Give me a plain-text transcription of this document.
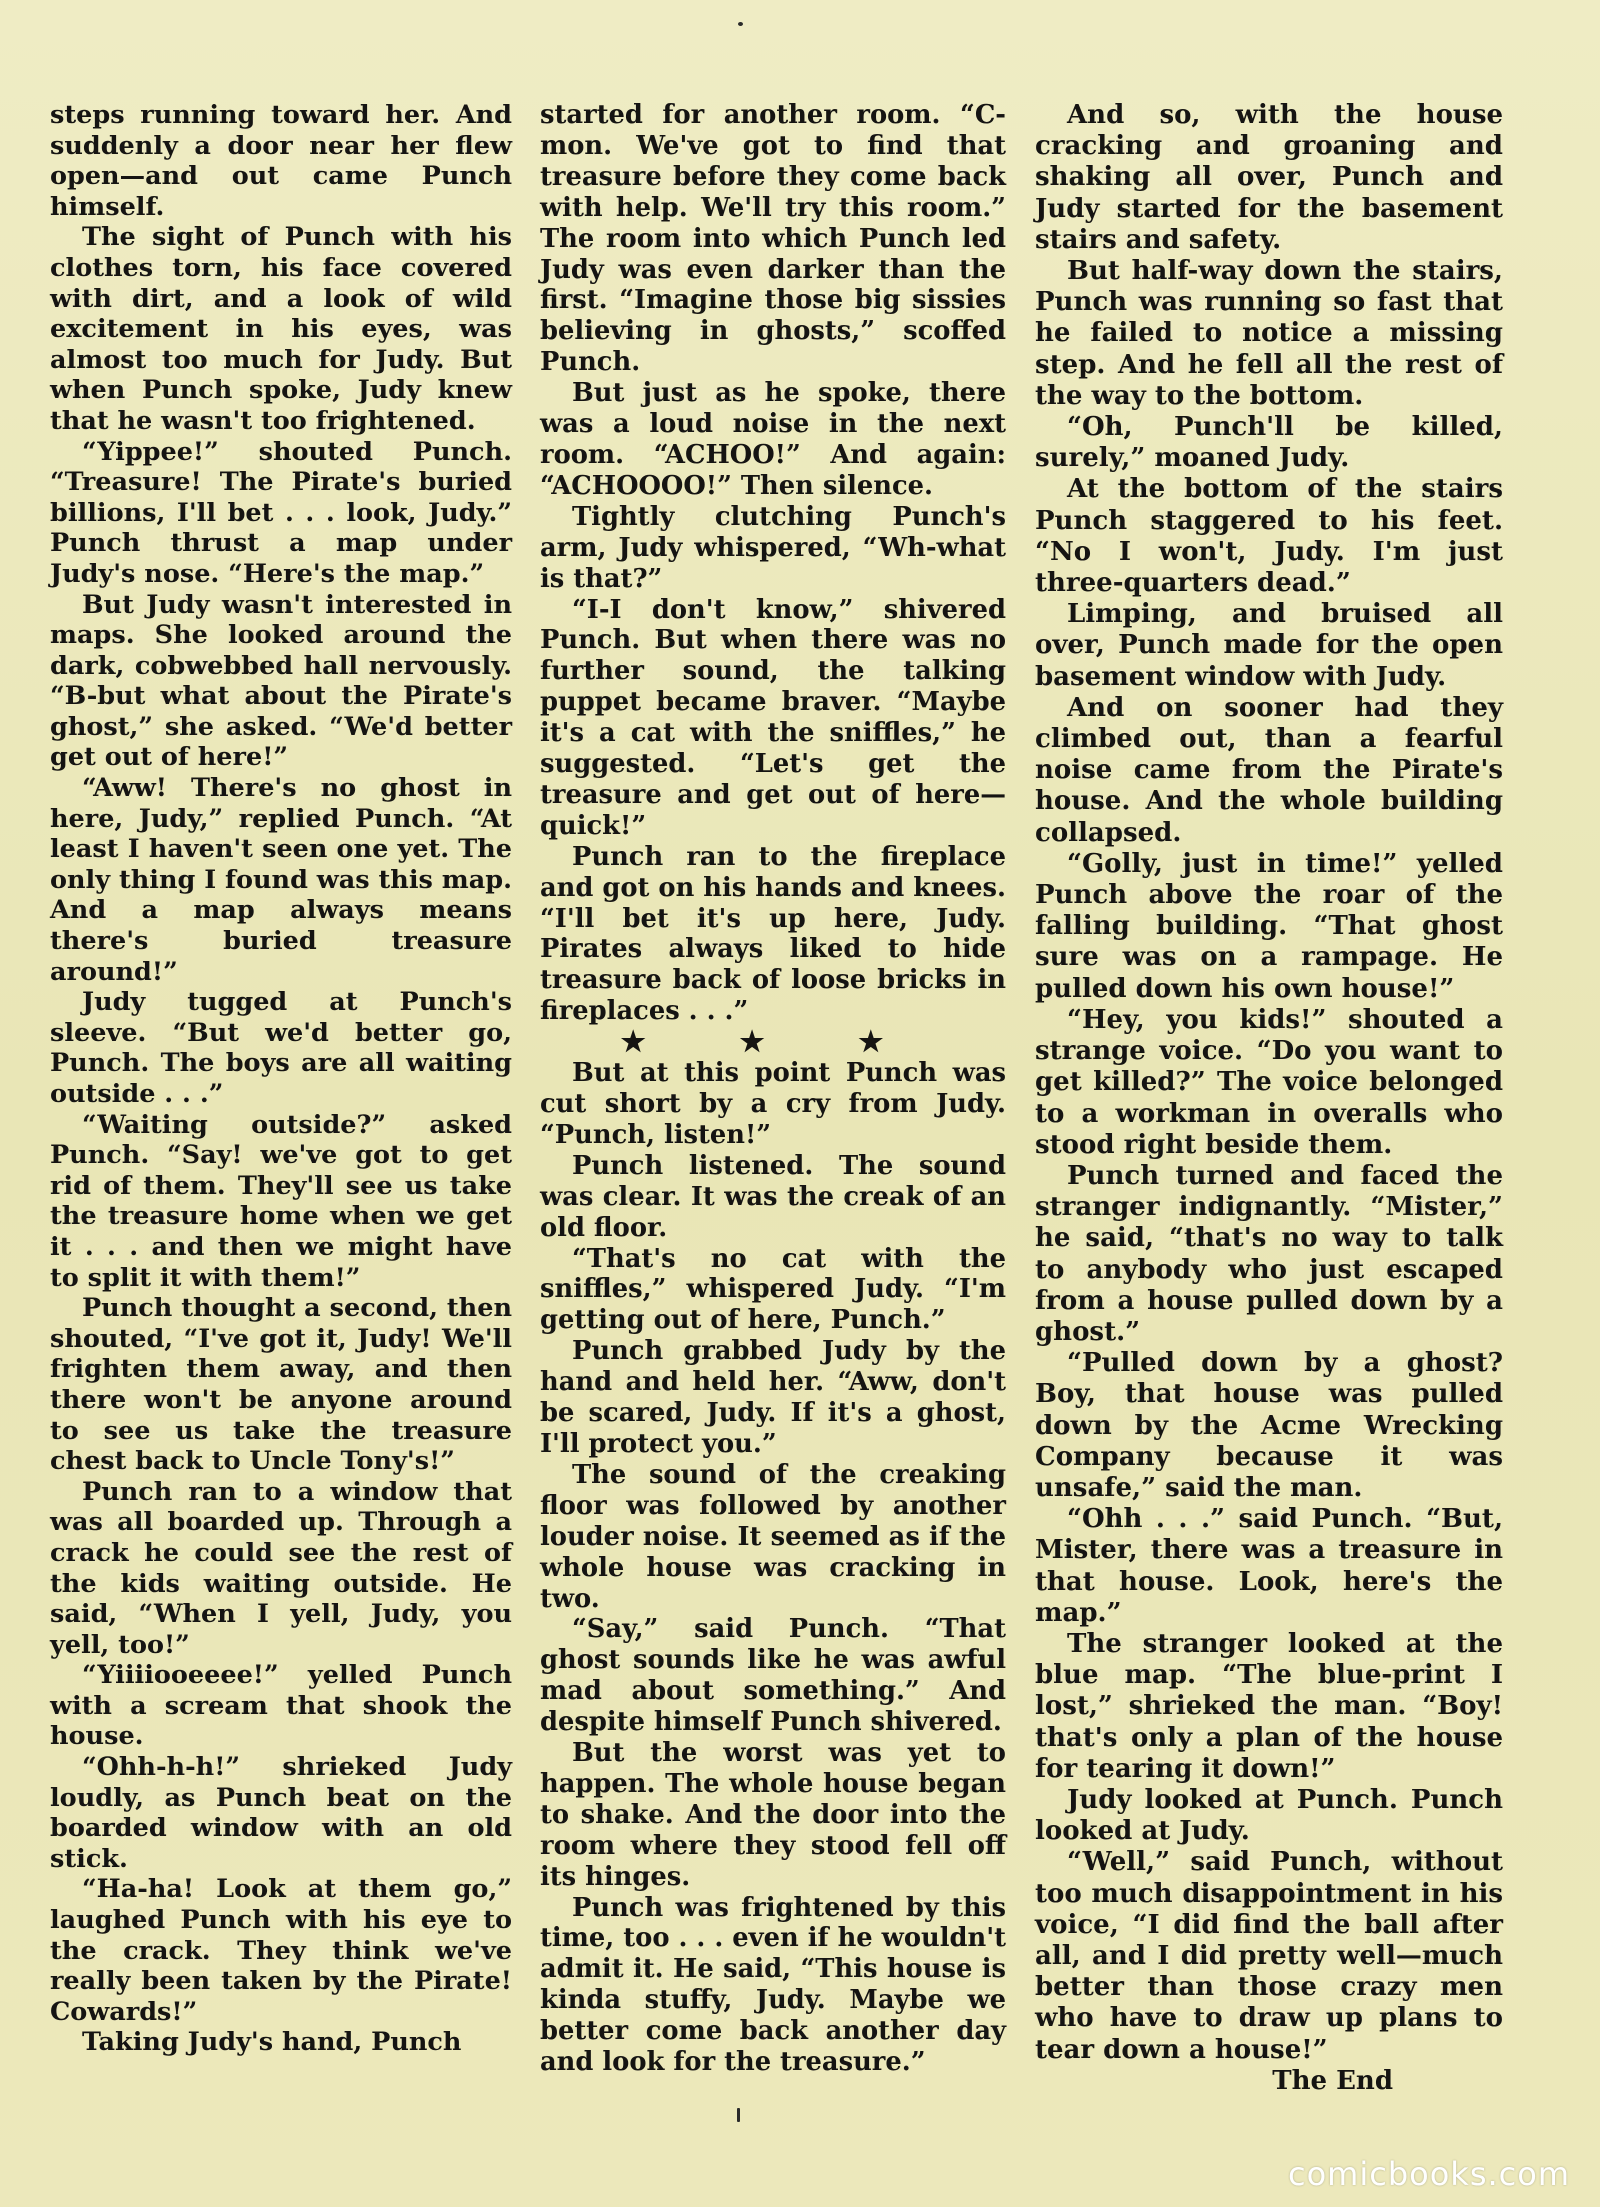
steps running toward her. And suddenly a door near her flew open—and out came Punch himself.

The sight of Punch with his clothes torn, his face covered with dirt, and a look of wild excitement in his eyes, was almost too much for Judy. But when Punch spoke, Judy knew that he wasn't too frightened.

“Yippee!” shouted Punch. “Treasure! The Pirate's buried billions, I'll bet . . . look, Judy.” Punch thrust a map under Judy's nose. “Here's the map.”

But Judy wasn't interested in maps. She looked around the dark, cobwebbed hall nervously. “B-but what about the Pirate's ghost,” she asked. “We'd better get out of here!”

“Aww! There's no ghost in here, Judy,” replied Punch. “At least I haven't seen one yet. The only thing I found was this map. And a map always means there's buried treasure around!”

Judy tugged at Punch's sleeve. “But we'd better go, Punch. The boys are all waiting outside . . .”

“Waiting outside?” asked Punch. “Say! we've got to get rid of them. They'll see us take the treasure home when we get it . . . and then we might have to split it with them!”

Punch thought a second, then shouted, “I've got it, Judy! We'll frighten them away, and then there won't be anyone around to see us take the treasure chest back to Uncle Tony's!”

Punch ran to a window that was all boarded up. Through a crack he could see the rest of the kids waiting outside. He said, “When I yell, Judy, you yell, too!”

“Yiiiiooeeee!” yelled Punch with a scream that shook the house.

“Ohh-h-h!” shrieked Judy loudly, as Punch beat on the boarded window with an old stick.

“Ha-ha! Look at them go,” laughed Punch with his eye to the crack. They think we've really been taken by the Pirate! Cowards!”

Taking Judy's hand, Punch

started for another room. “C-mon. We've got to find that treasure before they come back with help. We'll try this room.” The room into which Punch led Judy was even darker than the first. “Imagine those big sissies believing in ghosts,” scoffed Punch.

But just as he spoke, there was a loud noise in the next room. “ACHOO!” And again: “ACHOOOO!” Then silence.

Tightly clutching Punch's arm, Judy whispered, “Wh-what is that?”

“I-I don't know,” shivered Punch. But when there was no further sound, the talking puppet became braver. “Maybe it's a cat with the sniffles,” he suggested. “Let's get the treasure and get out of here—quick!”

Punch ran to the fireplace and got on his hands and knees. “I'll bet it's up here, Judy. Pirates always liked to hide treasure back of loose bricks in fireplaces . . .”

★ ★ ★

But at this point Punch was cut short by a cry from Judy. “Punch, listen!”

Punch listened. The sound was clear. It was the creak of an old floor.

“That's no cat with the sniffles,” whispered Judy. “I'm getting out of here, Punch.”

Punch grabbed Judy by the hand and held her. “Aww, don't be scared, Judy. If it's a ghost, I'll protect you.”

The sound of the creaking floor was followed by another louder noise. It seemed as if the whole house was cracking in two.

“Say,” said Punch. “That ghost sounds like he was awful mad about something.” And despite himself Punch shivered.

But the worst was yet to happen. The whole house began to shake. And the door into the room where they stood fell off its hinges.

Punch was frightened by this time, too . . . even if he wouldn't admit it. He said, “This house is kinda stuffy, Judy. Maybe we better come back another day and look for the treasure.”

And so, with the house cracking and groaning and shaking all over, Punch and Judy started for the basement stairs and safety.

But half-way down the stairs, Punch was running so fast that he failed to notice a missing step. And he fell all the rest of the way to the bottom.

“Oh, Punch'll be killed, surely,” moaned Judy.

At the bottom of the stairs Punch staggered to his feet. “No I won't, Judy. I'm just three-quarters dead.”

Limping, and bruised all over, Punch made for the open basement window with Judy.

And on sooner had they climbed out, than a fearful noise came from the Pirate's house. And the whole building collapsed.

“Golly, just in time!” yelled Punch above the roar of the falling building. “That ghost sure was on a rampage. He pulled down his own house!”

“Hey, you kids!” shouted a strange voice. “Do you want to get killed?” The voice belonged to a workman in overalls who stood right beside them.

Punch turned and faced the stranger indignantly. “Mister,” he said, “that's no way to talk to anybody who just escaped from a house pulled down by a ghost.”

“Pulled down by a ghost? Boy, that house was pulled down by the Acme Wrecking Company because it was unsafe,” said the man.

“Ohh . . .” said Punch. “But, Mister, there was a treasure in that house. Look, here's the map.”

The stranger looked at the blue map. “The blue-print I lost,” shrieked the man. “Boy! that's only a plan of the house for tearing it down!”

Judy looked at Punch. Punch looked at Judy.

“Well,” said Punch, without too much disappointment in his voice, “I did find the ball after all, and I did pretty well—much better than those crazy men who have to draw up plans to tear down a house!”

The End

comicbooks.com
